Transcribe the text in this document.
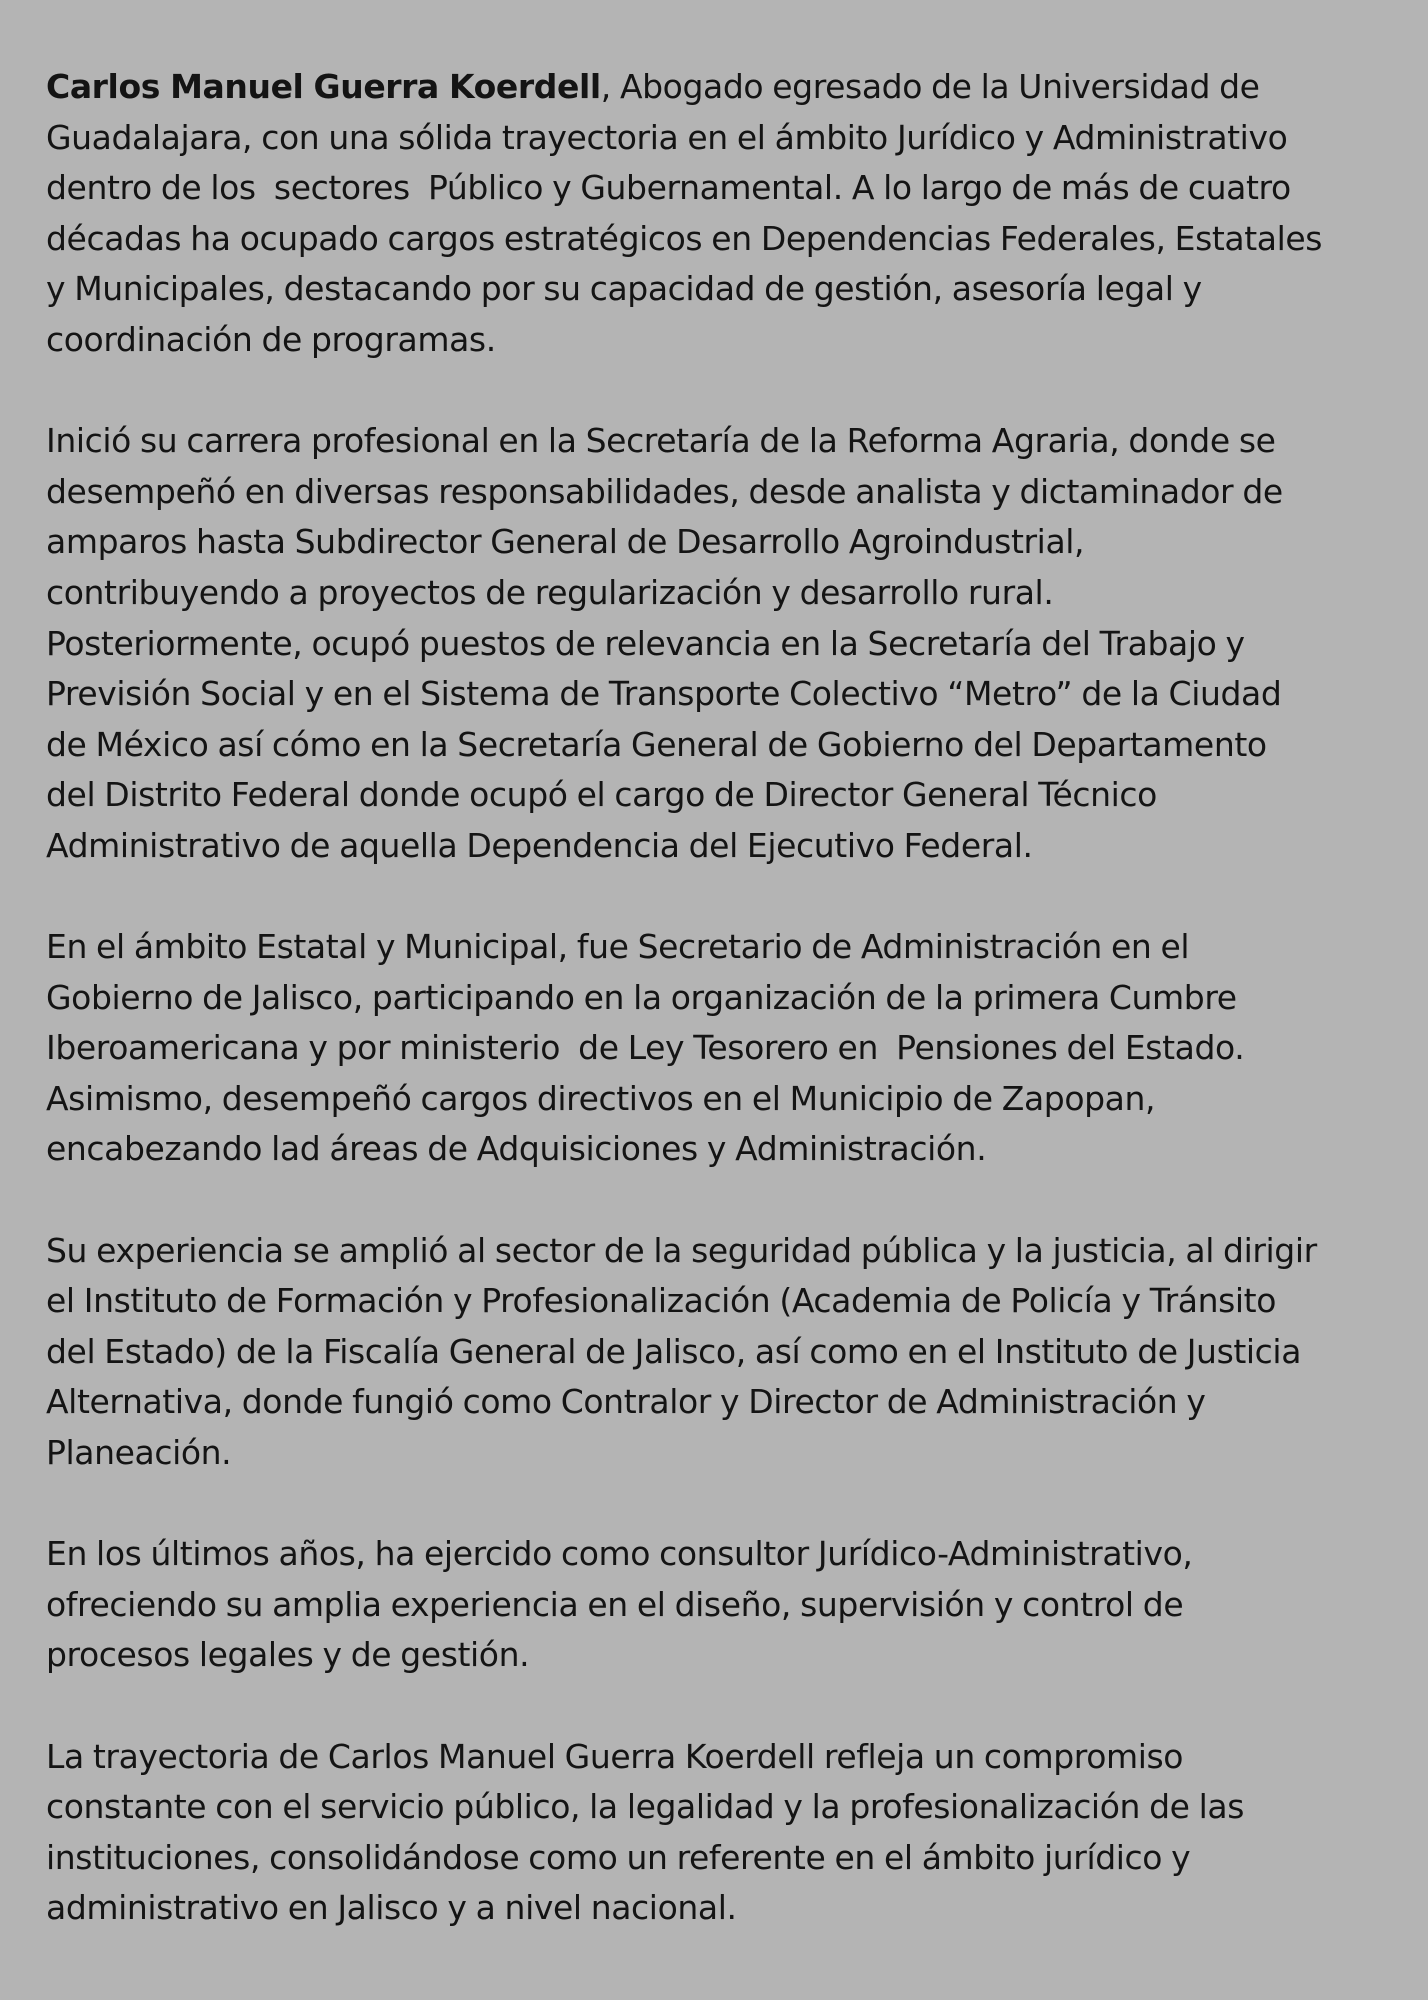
Carlos Manuel Guerra Koerdell, Abogado egresado de la Universidad de
Guadalajara, con una sólida trayectoria en el ámbito Jurídico y Administrativo
dentro de los  sectores  Público y Gubernamental. A lo largo de más de cuatro
décadas ha ocupado cargos estratégicos en Dependencias Federales, Estatales
y Municipales, destacando por su capacidad de gestión, asesoría legal y
coordinación de programas.

Inició su carrera profesional en la Secretaría de la Reforma Agraria, donde se
desempeñó en diversas responsabilidades, desde analista y dictaminador de
amparos hasta Subdirector General de Desarrollo Agroindustrial,
contribuyendo a proyectos de regularización y desarrollo rural.
Posteriormente, ocupó puestos de relevancia en la Secretaría del Trabajo y
Previsión Social y en el Sistema de Transporte Colectivo “Metro” de la Ciudad
de México así cómo en la Secretaría General de Gobierno del Departamento
del Distrito Federal donde ocupó el cargo de Director General Técnico
Administrativo de aquella Dependencia del Ejecutivo Federal.

En el ámbito Estatal y Municipal, fue Secretario de Administración en el
Gobierno de Jalisco, participando en la organización de la primera Cumbre
Iberoamericana y por ministerio  de Ley Tesorero en  Pensiones del Estado.
Asimismo, desempeñó cargos directivos en el Municipio de Zapopan,
encabezando lad áreas de Adquisiciones y Administración.

Su experiencia se amplió al sector de la seguridad pública y la justicia, al dirigir
el Instituto de Formación y Profesionalización (Academia de Policía y Tránsito
del Estado) de la Fiscalía General de Jalisco, así como en el Instituto de Justicia
Alternativa, donde fungió como Contralor y Director de Administración y
Planeación.

En los últimos años, ha ejercido como consultor Jurídico-Administrativo,
ofreciendo su amplia experiencia en el diseño, supervisión y control de
procesos legales y de gestión.

La trayectoria de Carlos Manuel Guerra Koerdell refleja un compromiso
constante con el servicio público, la legalidad y la profesionalización de las
instituciones, consolidándose como un referente en el ámbito jurídico y
administrativo en Jalisco y a nivel nacional.
